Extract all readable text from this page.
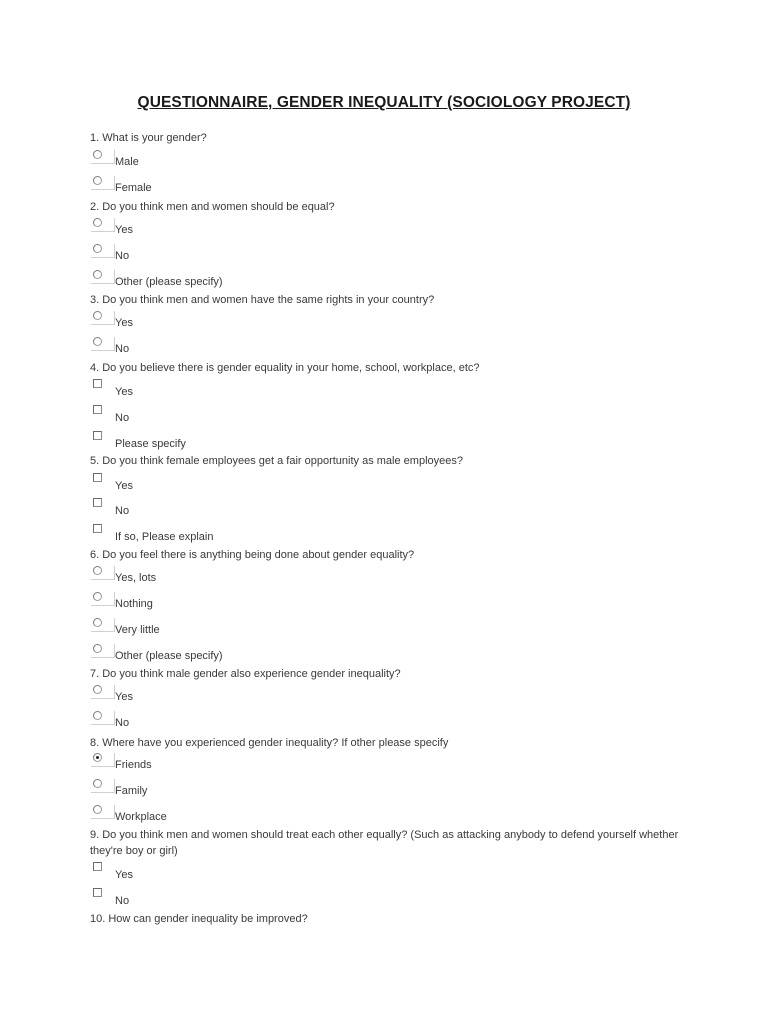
QUESTIONNAIRE, GENDER INEQUALITY (SOCIOLOGY PROJECT)
1. What is your gender?
Male
Female
2. Do you think men and women should be equal?
Yes
No
Other (please specify)
3. Do you think men and women have the same rights in your country?
Yes
No
4. Do you believe there is gender equality in your home, school, workplace, etc?
Yes
No
Please specify
5. Do you think female employees get a fair opportunity as male employees?
Yes
No
If so, Please explain
6. Do you feel there is anything being done about gender equality?
Yes, lots
Nothing
Very little
Other (please specify)
7. Do you think male gender also experience gender inequality?
Yes
No
8. Where have you experienced gender inequality? If other please specify
Friends
Family
Workplace
9. Do you think men and women should treat each other equally? (Such as attacking anybody to defend yourself whether they're boy or girl)
Yes
No
10. How can gender inequality be improved?
